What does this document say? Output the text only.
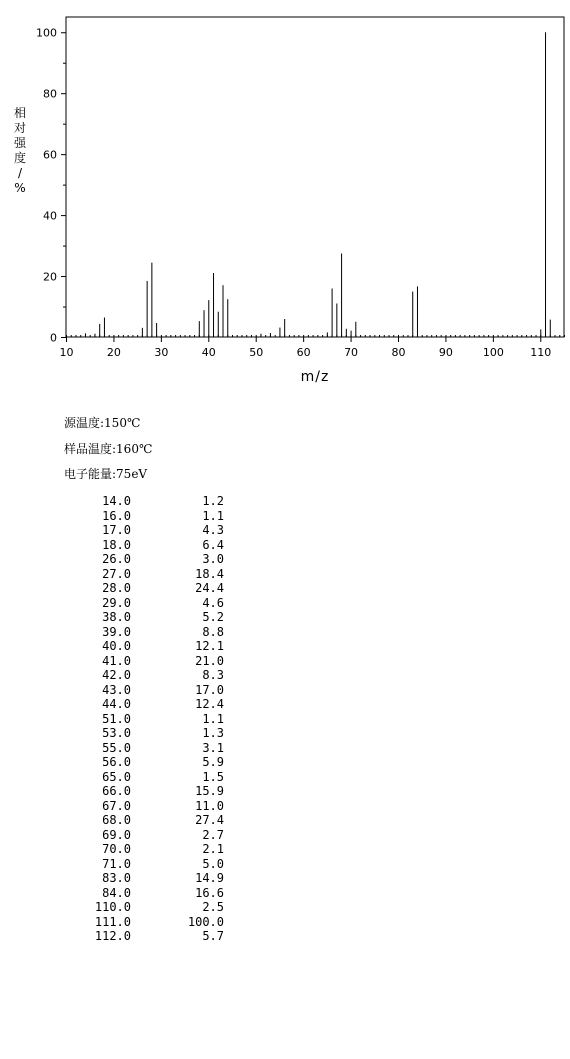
10	20	30	40	50	60	70	80	90	100 110
0
20
40
60
80
100
m/z
相
对
强
度
/
%
源温度:150℃
样品温度:160℃
电子能量:75eV
14.0	1.2
16.0	1.1
17.0	4.3
18.0	6.4
26.0	3.0
27.0	18.4
28.0	24.4
29.0	4.6
38.0	5.2
39.0	8.8
40.0	12.1
41.0	21.0
42.0	8.3
43.0	17.0
44.0	12.4
51.0	1.1
53.0	1.3
55.0	3.1
56.0	5.9
65.0	1.5
66.0	15.9
67.0	11.0
68.0	27.4
69.0	2.7
70.0	2.1
71.0	5.0
83.0	14.9
84.0	16.6
110.0	2.5
111.0	100.0
112.0	5.7
